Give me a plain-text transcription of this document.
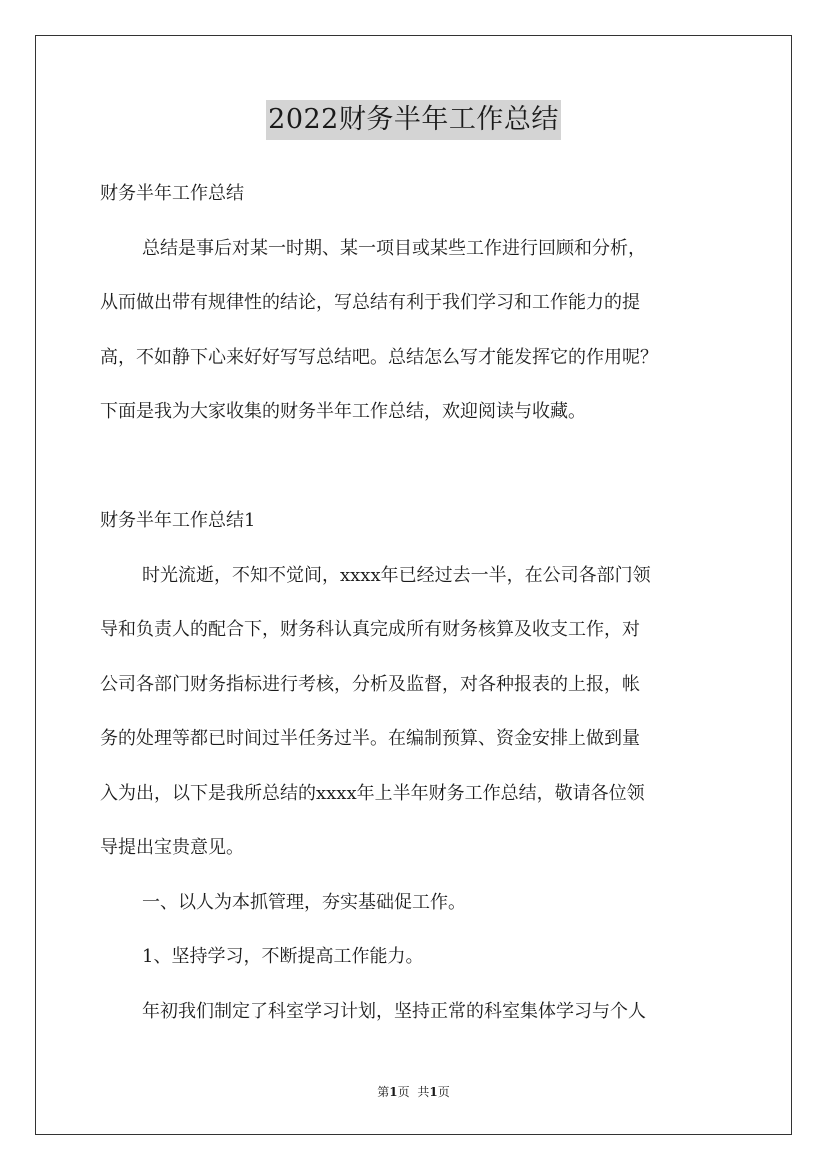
2022财务半年工作总结

财务半年工作总结

总结是事后对某一时期、某一项目或某些工作进行回顾和分析，

从而做出带有规律性的结论，写总结有利于我们学习和工作能力的提

高，不如静下心来好好写写总结吧。总结怎么写才能发挥它的作用呢？

下面是我为大家收集的财务半年工作总结，欢迎阅读与收藏。

财务半年工作总结1

时光流逝，不知不觉间，xxxx年已经过去一半，在公司各部门领

导和负责人的配合下，财务科认真完成所有财务核算及收支工作，对

公司各部门财务指标进行考核，分析及监督，对各种报表的上报，帐

务的处理等都已时间过半任务过半。在编制预算、资金安排上做到量

入为出，以下是我所总结的xxxx年上半年财务工作总结，敬请各位领

导提出宝贵意见。

一、以人为本抓管理，夯实基础促工作。

1、坚持学习，不断提高工作能力。

年初我们制定了科室学习计划，坚持正常的科室集体学习与个人

第1页 共1页
